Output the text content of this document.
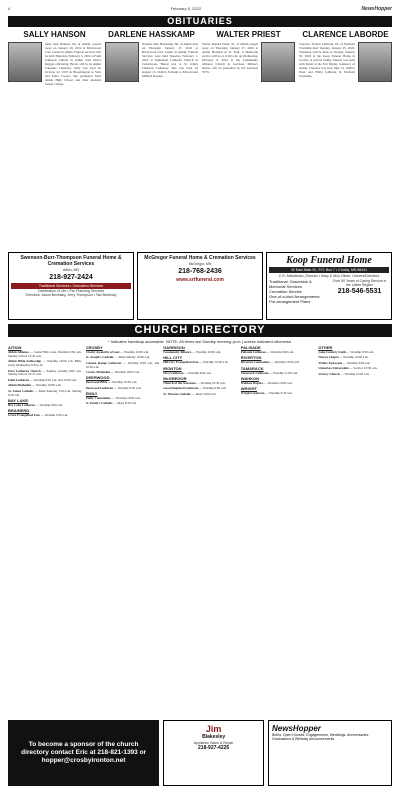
4	February 5, 2022	NewsHopper
OBITUARIES
SALLY HANSON
Sally Ann Hanson, 84, of Aitkin, passed away on January 30, 2022 at Riverwood Care Center in Aitkin. Funeral services will be held Thursday, February 3, 2022 at Faith Lutheran Church in Aitkin with Pastor Reggie officiating. Burial will be in Aitkin Lakeside Cemetery. Sally was born on October 22, 1937 in Bloomington to Vern and Edna Cooper. She graduated from Aitkin High School and then attended beauty college.
DARLENE HASSKAMP
Darlene Mae Hasskamp, 80, of Aitkin died on Thursday, January 27, 2022 at Riverwood Care Center in Aitkin. Funeral Services were held Tuesday, February 1, 2022 at Immanuel Lutheran Church in Cedarbrook. Burial was at St. John's Lutheran Cemetery. She was born on August 15, 1940 in Farbault to Edward and Mildred Roeske.
WALTER PRIEST
Walter Donald Priest, 91, of Aitkin passed away on Thursday, January 27, 2022 at Aitkin Hospital in St. Paul. A Memorial service will be at 11:00 a.m. on Wednesday, February 9, 2022 at the Community Alliance Church in Garrison, Military honors will be presented by the Garrison VFW.
CLARENCE LABORDE
Clarence Vernon LaBorde, 93, of Fairfield Township died Tuesday, January 25, 2022. Visitation will be held on Sunday, January 30, 2022 at the Koop Funeral Home in Crosby. A private family funeral was held with burial at the Fort Ripley Cemetery of Aitkin. Clarence was born June 13, 1928 to Peter and Hilda LaBorde in Fairfield Township.
Swenson-Burr-Thompson Funeral Home & Cremation Services
Aitkin, MN
218-927-2424
Traditional Services • Cremation Services
Celebration of Life • Pre-Planning Services
Directors: Jason Bezinsky, Jerry Thompson • Tad Bezinsky
McGregor Funeral Home & Cremation Services
McGregor, MN
218-768-2436
www.srtfuneral.com
Koop Funeral Home
32 East Main St., P.O. Box 7 • Crosby, MN 56441
C.R. Mekalenko, Director • Mary & Nick Zilmer, Owners/Directors
Traditional, Graveside & Memorial Services
Cremation Service
One-of-a-kind Arrangements
Pre-arrangement Plans
Over 80 Years of Caring Service in the Lakes Region
218-546-5531
CHURCH DIRECTORY
* Indicates handicap accessible. NOTE: All times are Sunday morning (a.m.) unless indicated otherwise.
AITKIN
Aitkin Alliance — Cedar Hills Lane. Worship 9:30 a.m. Sunday School 10:45 a.m.
Aitkin Bible Fellowship — Worship 10:00 a.m. Bible study Wednesday 6:30 p.m.
First Lutheran Church — Sunday worship 9:00 a.m. Sunday School 10:15 a.m.
Faith Lutheran — Worship 8:30 a.m. and 10:30 a.m.
Aitkin Methodist — Worship 10:00 a.m.
St. James Catholic — Mass Saturday 5:00 p.m. Sunday 9:30 a.m.
BAY LAKE
Bay Lake Lutheran — Worship 9:00 a.m.
BRAINERD
Grace Evangelical Free — Worship 9:30 a.m.
CROSBY
Crosby Assembly of God — Worship 10:00 a.m.
St. Joseph's Catholic — Mass Sunday 10:00 a.m.
Cuyuna Range Lutheran — Worship 9:00 a.m. and 10:30 a.m.
Crosby Methodist — Worship 10:00 a.m.
DEERWOOD
Deerwood Bible — Worship 10:30 a.m.
Deerwood Lutheran — Worship 9:30 a.m.
EMILY
Emily Community — Worship 10:00 a.m.
St. Emily's Catholic — Mass 8:30 a.m.
GARRISON
Community Alliance — Worship 10:00 a.m.
HILL CITY
Hill City Evangelical Free — Worship 10:30 a.m.
IRONTON
First Lutheran — Worship 9:00 a.m.
McGREGOR
Church of the Nazarene — Worship 10:30 a.m.
Good Shepherd Lutheran — Worship 9:00 a.m.
St. Thomas Catholic — Mass 10:00 a.m.
PALISADE
Palisade Lutheran — Worship 9:00 a.m.
RIVERTON
Riverton Community — Worship 10:00 a.m.
TAMARACK
Tamarack Lutheran — Worship 11:00 a.m.
WAHKON
Wahkon Baptist — Worship 10:00 a.m.
WRIGHT
Wright Lutheran — Worship 9:30 a.m.
OTHER
Lake Country Faith — Worship 9:30 a.m.
Nisswa Chapel — Worship 10:00 a.m.
Trinity Episcopal — Worship 9:00 a.m.
Unitarian Universalist — Service 10:30 a.m.
Victory Church — Worship 10:00 a.m.
To become a sponsor of the church directory contact Eric at 218-821-1393 or hopper@crosbyironton.net
Jim
Blakesley
Appliance Sales & Repair
218-927-4226
NewsHopper
Births, Open Houses, Engagements, Weddings, Anniversaries, Graduations & Birthday Announcements
